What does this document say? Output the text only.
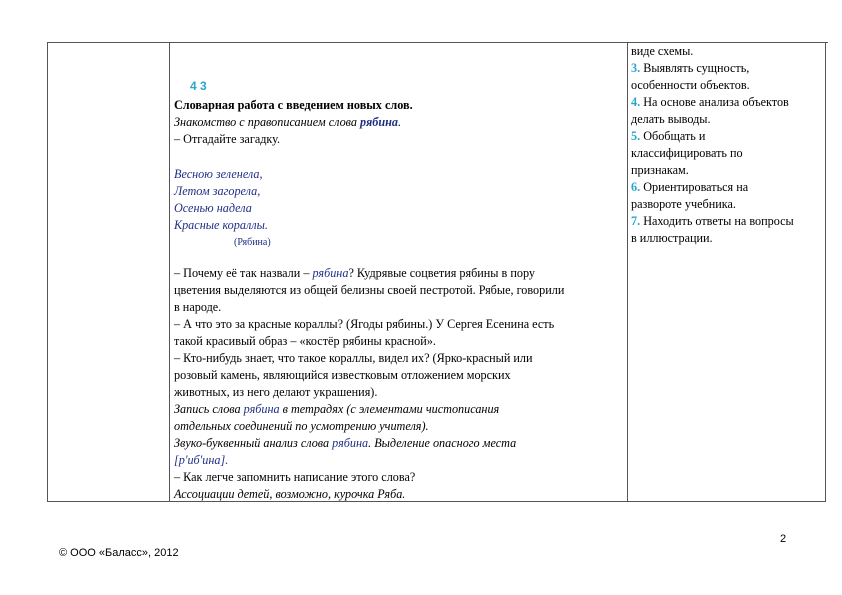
4 3
Словарная работа с введением новых слов.
Знакомство с правописанием слова рябина.
– Отгадайте загадку.
Весною зеленела,
Летом загорела,
Осенью надела
Красные кораллы.
(Рябина)
– Почему её так назвали – рябина? Кудрявые соцветия рябины в пору
цветения выделяются из общей белизны своей пестротой. Рябые, говорили
в народе.
– А что это за красные кораллы? (Ягоды рябины.) У Сергея Есенина есть
такой красивый образ – «костёр рябины красной».
– Кто-нибудь знает, что такое кораллы, видел их? (Ярко-красный или
розовый камень, являющийся известковым отложением морских
животных, из него делают украшения).
Запись слова рябина в тетрадях (с элементами чистописания
отдельных соединений по усмотрению учителя).
Звуко-буквенный анализ слова рябина. Выделение опасного места
[р'иб'ина].
– Как легче запомнить написание этого слова?
Ассоциации детей, возможно, курочка Ряба.
виде схемы.
3. Выявлять сущность,
особенности объектов.
4. На основе анализа объектов
делать выводы.
5. Обобщать и
классифицировать по
признакам.
6. Ориентироваться на
развороте учебника.
7. Находить ответы на вопросы
в иллюстрации.
2
© ООО «Баласс», 2012
